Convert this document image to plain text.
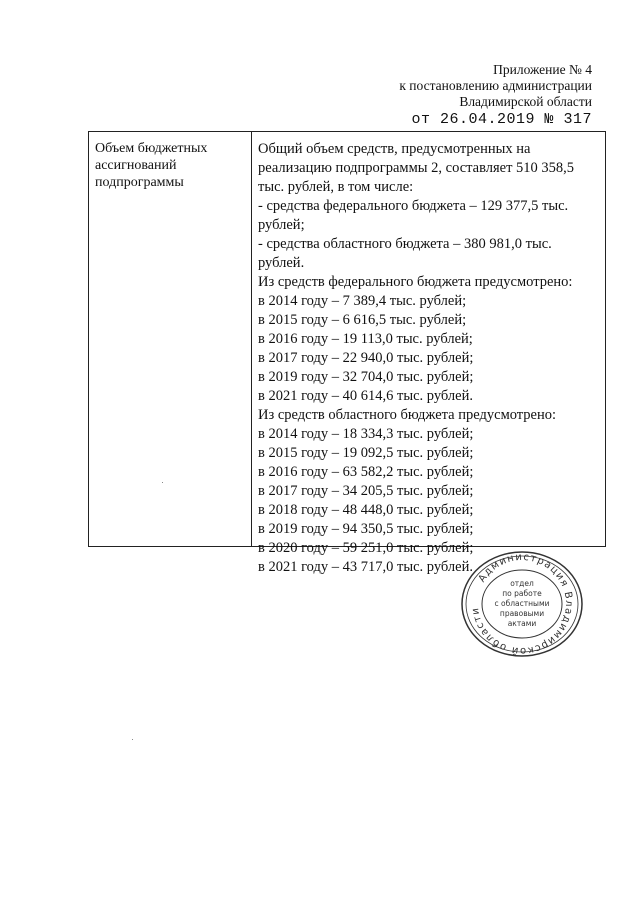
Приложение № 4
к постановлению администрации
Владимирской области
от 26.04.2019 № 317
Объем бюджетных ассигнований подпрограммы

Общий объем средств, предусмотренных на реализацию подпрограммы 2, составляет 510 358,5 тыс. рублей, в том числе:

- средства федерального бюджета – 129 377,5 тыс. рублей;

- средства областного бюджета – 380 981,0 тыс. рублей.

Из средств федерального бюджета предусмотрено:

в 2014 году – 7 389,4 тыс. рублей;

в 2015 году – 6 616,5 тыс. рублей;

в 2016 году – 19 113,0 тыс. рублей;

в 2017 году – 22 940,0 тыс. рублей;

в 2019 году – 32 704,0 тыс. рублей;

в 2021 году – 40 614,6 тыс. рублей.

Из средств областного бюджета предусмотрено:

в 2014 году – 18 334,3 тыс. рублей;

в 2015 году – 19 092,5 тыс. рублей;

в 2016 году – 63 582,2 тыс. рублей;

в 2017 году – 34 205,5 тыс. рублей;

в 2018 году – 48 448,0 тыс. рублей;

в 2019 году – 94 350,5 тыс. рублей;

в 2020 году – 59 251,0 тыс. рублей;

в 2021 году – 43 717,0 тыс. рублей.

Администрация Владимирской области
отдел
по работе
с областными
правовыми
актами
